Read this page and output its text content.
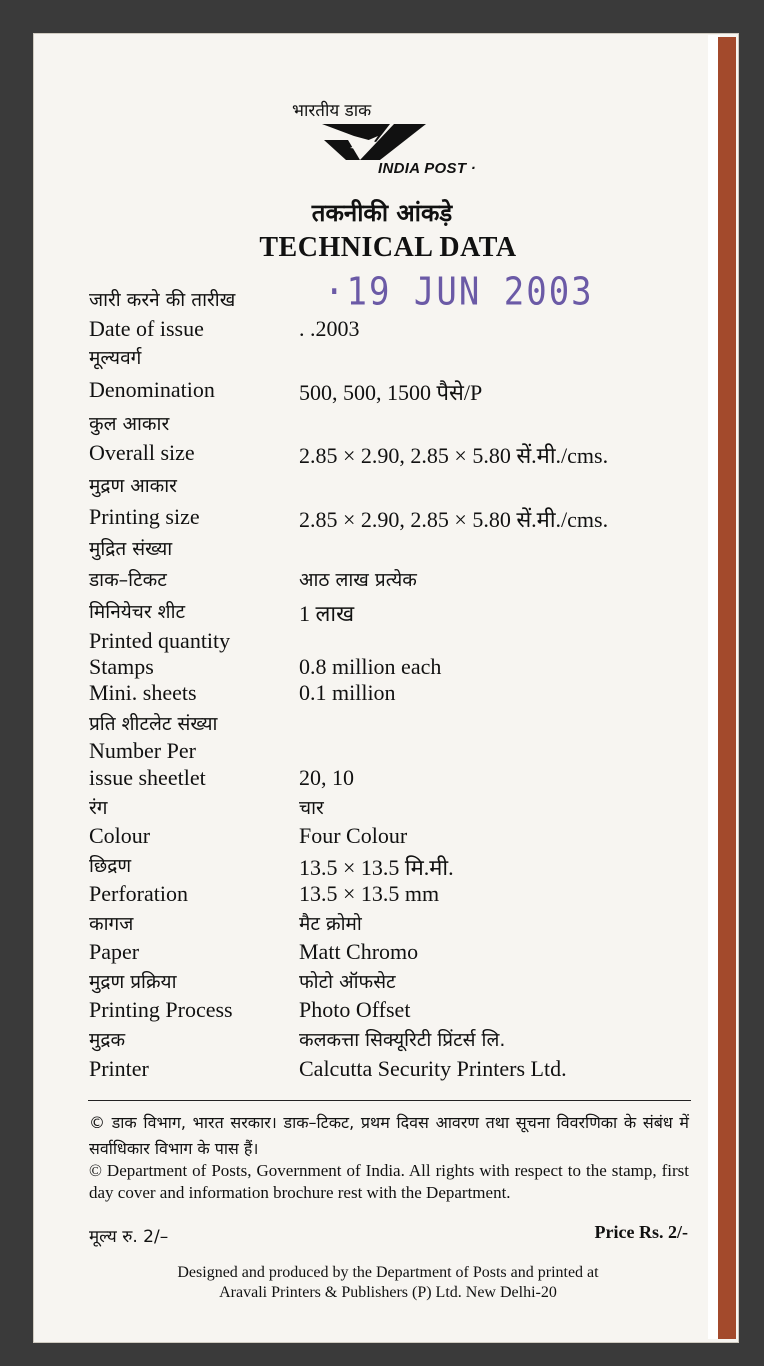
भारतीय डाक
INDIA POST ·
तकनीकी आंकड़े
TECHNICAL DATA
·19 JUN 2003
जारी करने की तारीख
Date of issue	. .2003
मूल्यवर्ग
Denomination	500, 500, 1500 पैसे/P
कुल आकार
Overall size	2.85 × 2.90, 2.85 × 5.80 सें.मी./cms.
मुद्रण आकार
Printing size	2.85 × 2.90, 2.85 × 5.80 सें.मी./cms.
मुद्रित संख्या
डाक–टिकट	आठ लाख प्रत्येक
मिनियेचर शीट	1 लाख
Printed quantity
Stamps	0.8 million each
Mini. sheets	0.1 million
प्रति शीटलेट संख्या
Number Per
issue sheetlet	20, 10
रंग	चार
Colour	Four Colour
छिद्रण	13.5 × 13.5 मि.मी.
Perforation	13.5 × 13.5 mm
कागज	मैट क्रोमो
Paper	Matt Chromo
मुद्रण प्रक्रिया	फोटो ऑफसेट
Printing Process	Photo Offset
मुद्रक	कलकत्ता सिक्यूरिटी प्रिंटर्स लि.
Printer	Calcutta Security Printers Ltd.
© डाक विभाग, भारत सरकार। डाक–टिकट, प्रथम दिवस आवरण तथा सूचना विवरणिका के संबंध में सर्वाधिकार विभाग के पास हैं।
© Department of Posts, Government of India. All rights with respect to the stamp, first day cover and information brochure rest with the Department.
मूल्य रु. 2/–	Price Rs. 2/-
Designed and produced by the Department of Posts and printed at
Aravali Printers & Publishers (P) Ltd. New Delhi-20
